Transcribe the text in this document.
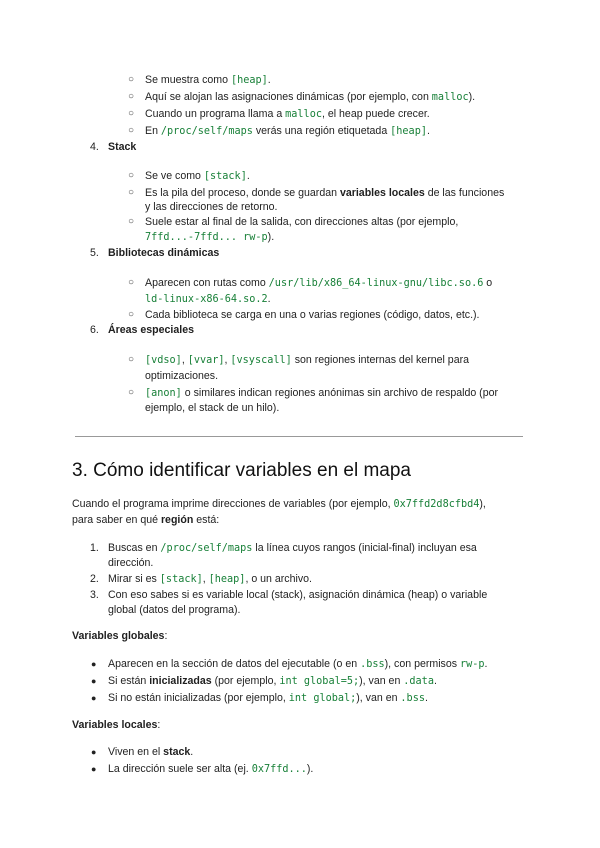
○ Se muestra como [heap].
○ Aquí se alojan las asignaciones dinámicas (por ejemplo, con malloc).
○ Cuando un programa llama a malloc, el heap puede crecer.
○ En /proc/self/maps verás una región etiquetada [heap].
4. Stack
○ Se ve como [stack].
○ Es la pila del proceso, donde se guardan variables locales de las funciones
y las direcciones de retorno.
○ Suele estar al final de la salida, con direcciones altas (por ejemplo,
7ffd...-7ffd... rw-p).
5. Bibliotecas dinámicas
○ Aparecen con rutas como /usr/lib/x86_64-linux-gnu/libc.so.6 o
ld-linux-x86-64.so.2.
○ Cada biblioteca se carga en una o varias regiones (código, datos, etc.).
6. Áreas especiales
○ [vdso], [vvar], [vsyscall] son regiones internas del kernel para
optimizaciones.
○ [anon] o similares indican regiones anónimas sin archivo de respaldo (por
ejemplo, el stack de un hilo).
3. Cómo identificar variables en el mapa
Cuando el programa imprime direcciones de variables (por ejemplo, 0x7ffd2d8cfbd4),
para saber en qué región está:
1. Buscas en /proc/self/maps la línea cuyos rangos (inicial-final) incluyan esa
dirección.
2. Mirar si es [stack], [heap], o un archivo.
3. Con eso sabes si es variable local (stack), asignación dinámica (heap) o variable
global (datos del programa).
Variables globales:
● Aparecen en la sección de datos del ejecutable (o en .bss), con permisos rw-p.
● Si están inicializadas (por ejemplo, int global=5;), van en .data.
● Si no están inicializadas (por ejemplo, int global;), van en .bss.
Variables locales:
● Viven en el stack.
● La dirección suele ser alta (ej. 0x7ffd...).
